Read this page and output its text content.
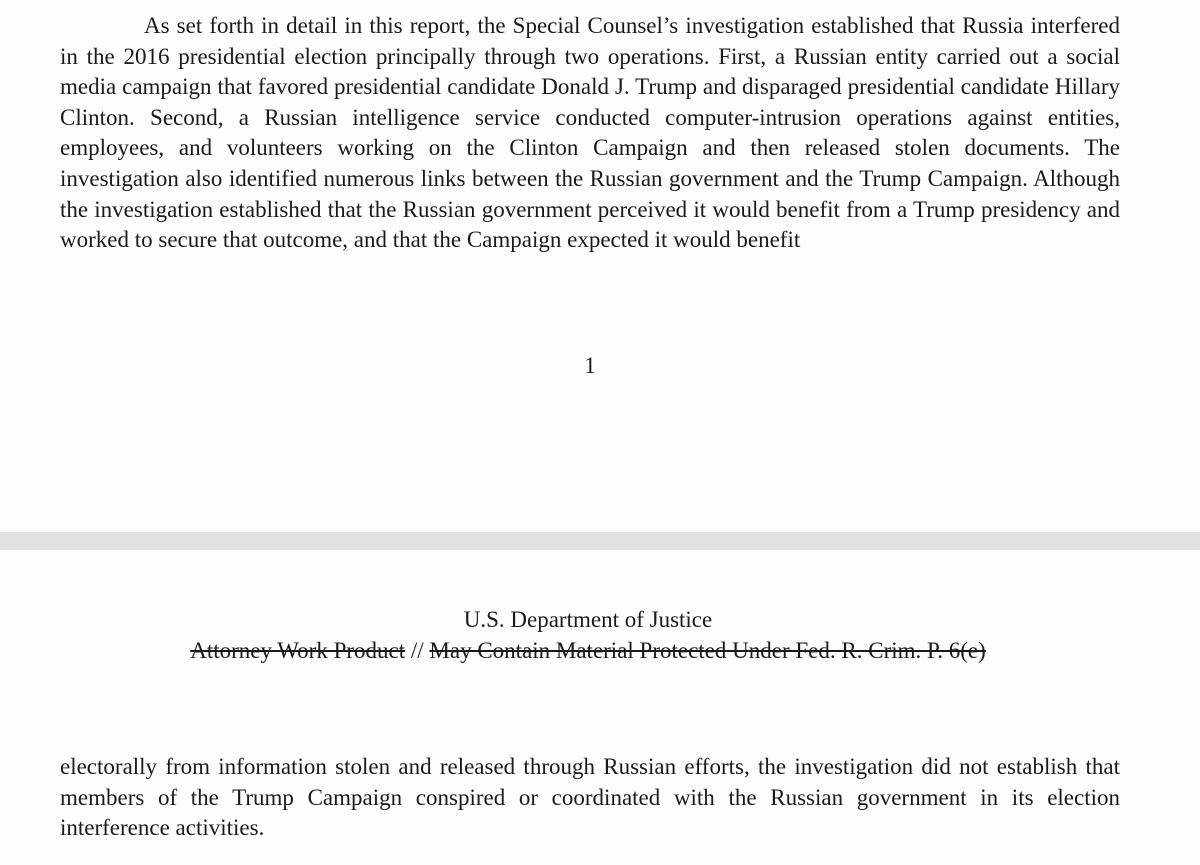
As set forth in detail in this report, the Special Counsel’s investigation established that Russia interfered in the 2016 presidential election principally through two operations. First, a Russian entity carried out a social media campaign that favored presidential candidate Donald J. Trump and disparaged presidential candidate Hillary Clinton. Second, a Russian intelligence service conducted computer-intrusion operations against entities, employees, and volunteers working on the Clinton Campaign and then released stolen documents. The investigation also identified numerous links between the Russian government and the Trump Campaign. Although the investigation established that the Russian government perceived it would benefit from a Trump presidency and worked to secure that outcome, and that the Campaign expected it would benefit

1
U.S. Department of Justice
Attorney Work Product // May Contain Material Protected Under Fed. R. Crim. P. 6(e)

electorally from information stolen and released through Russian efforts, the investigation did not establish that members of the Trump Campaign conspired or coordinated with the Russian government in its election interference activities.
